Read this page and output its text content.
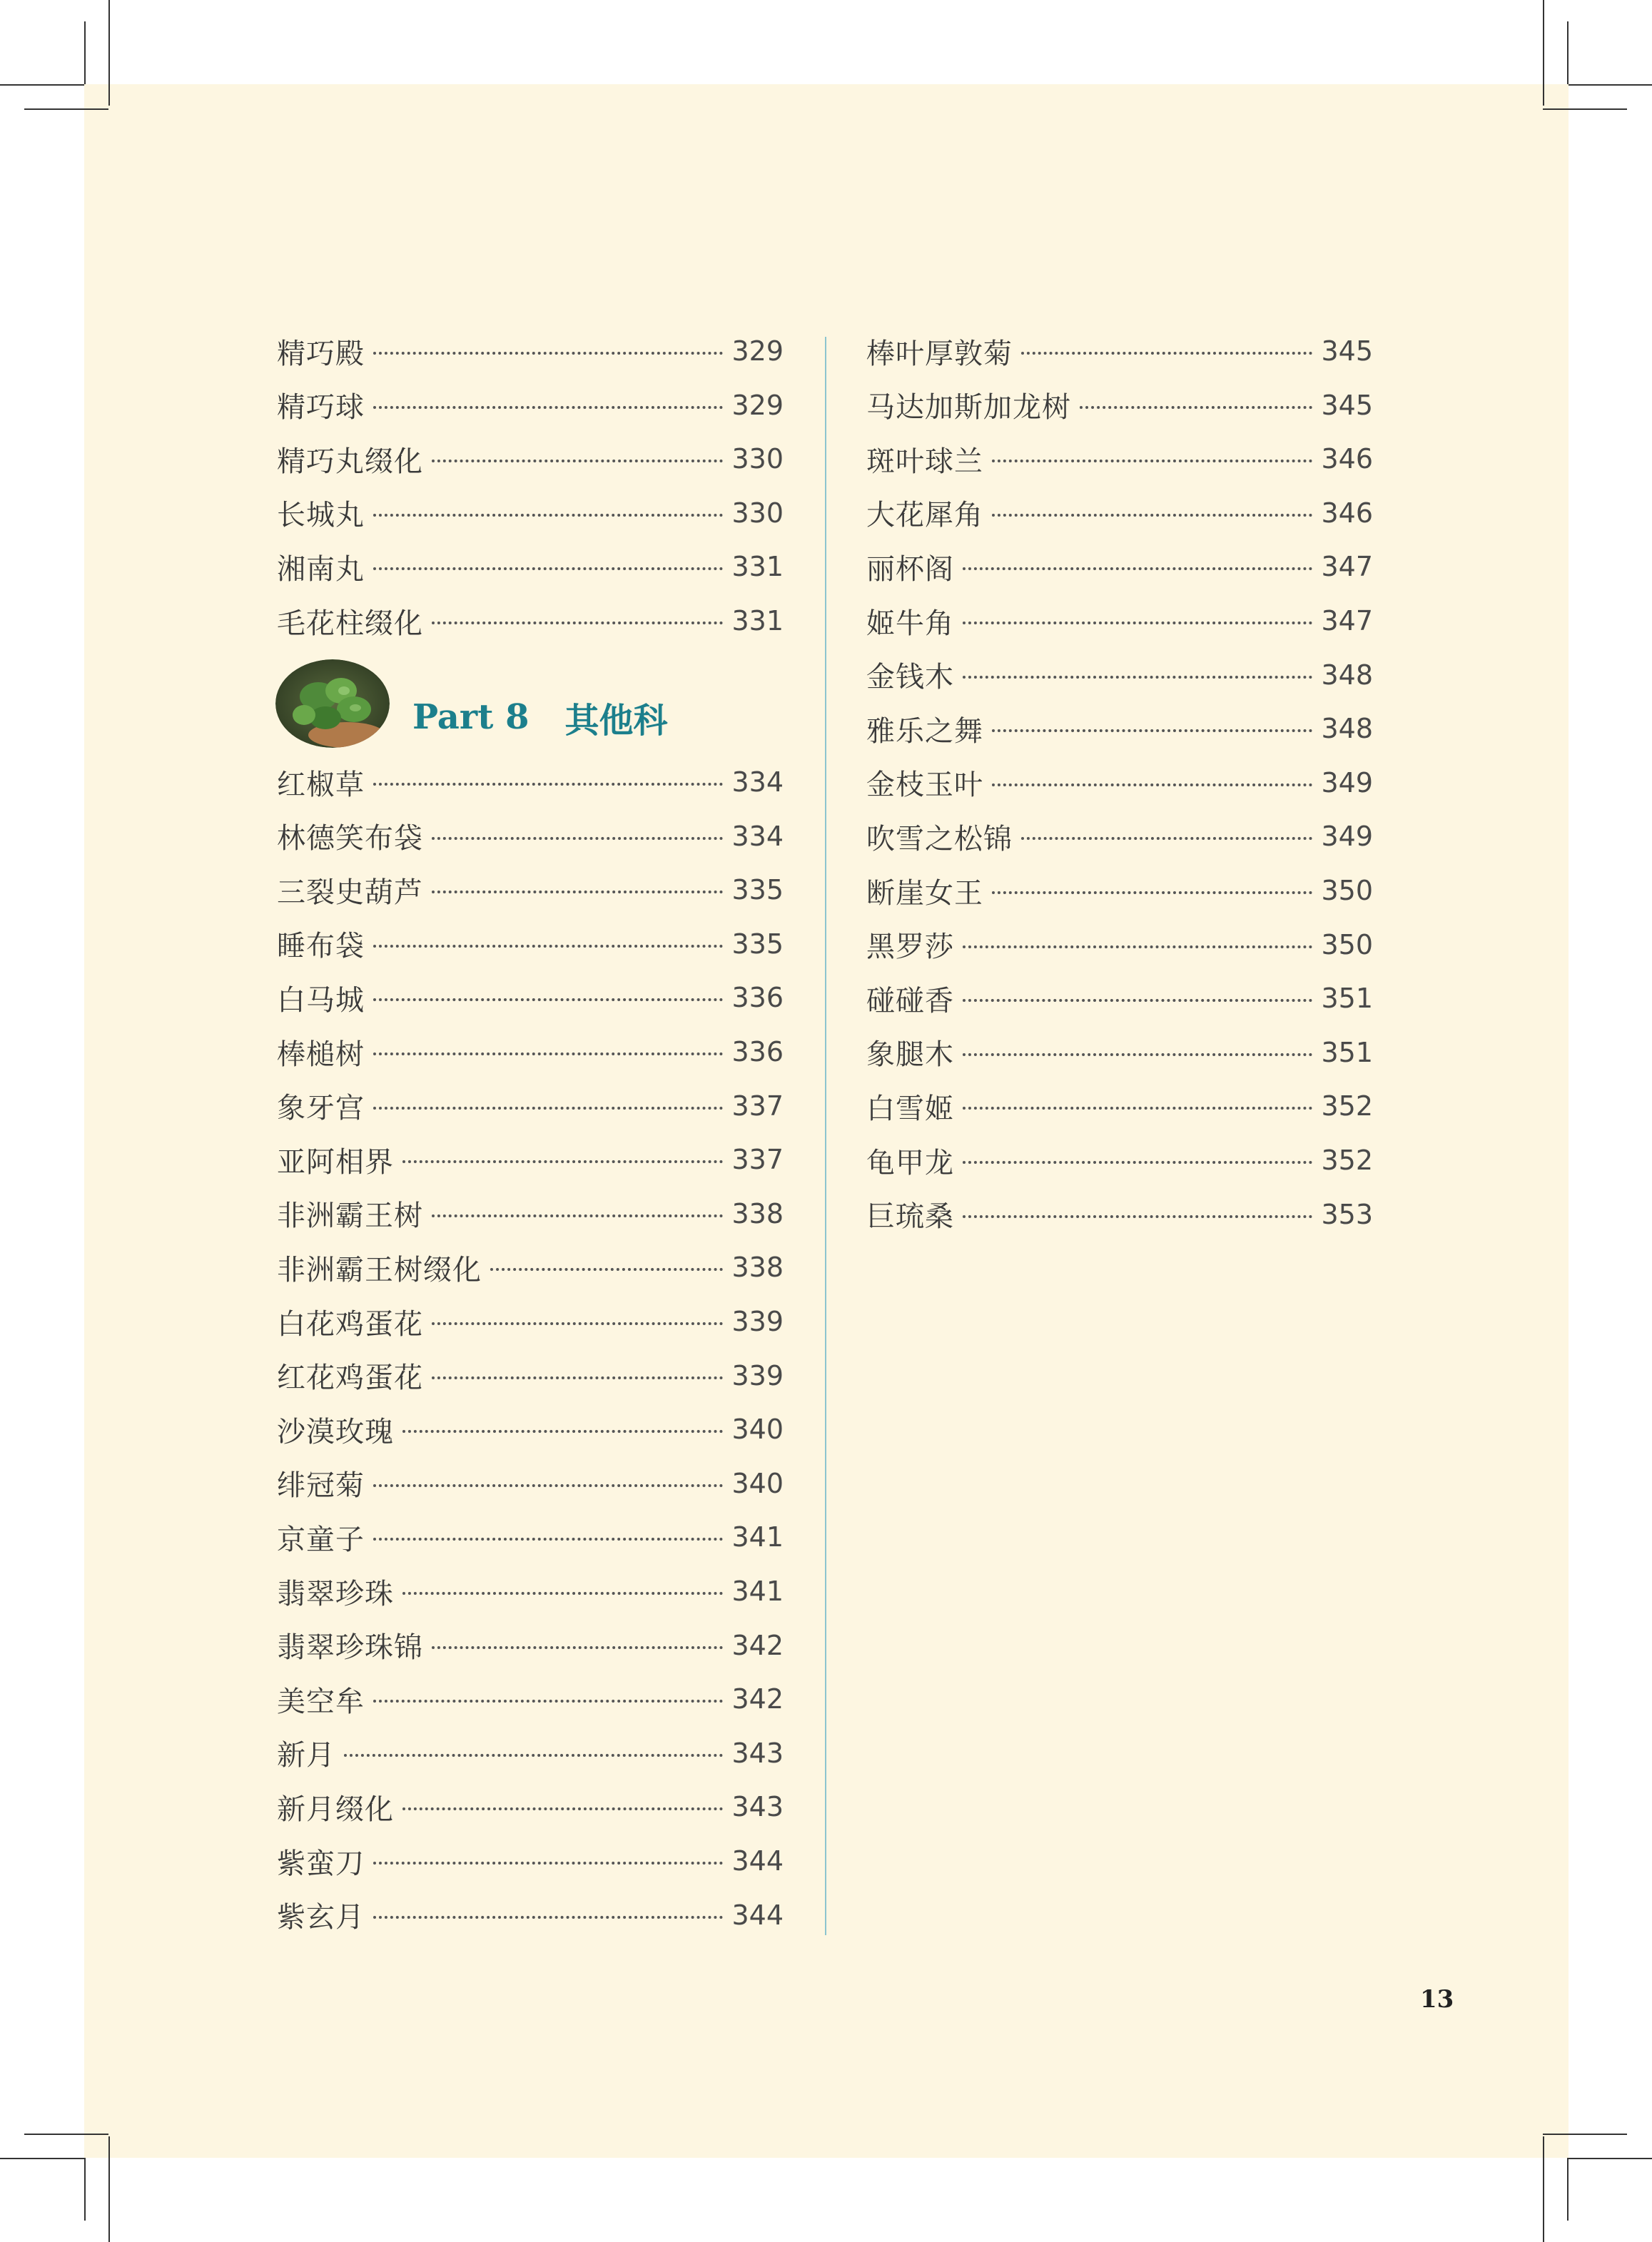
精巧殿	329
精巧球	329
精巧丸缀化	330
长城丸	330
湘南丸	331
毛花柱缀化	331
Part 8 其他科
红椒草	334
林德笑布袋	334
三裂史葫芦	335
睡布袋	335
白马城	336
棒槌树	336
象牙宫	337
亚阿相界	337
非洲霸王树	338
非洲霸王树缀化	338
白花鸡蛋花	339
红花鸡蛋花	339
沙漠玫瑰	340
绯冠菊	340
京童子	341
翡翠珍珠	341
翡翠珍珠锦	342
美空牟	342
新月	343
新月缀化	343
紫蛮刀	344
紫玄月	344
棒叶厚敦菊	345
马达加斯加龙树	345
斑叶球兰	346
大花犀角	346
丽杯阁	347
姬牛角	347
金钱木	348
雅乐之舞	348
金枝玉叶	349
吹雪之松锦	349
断崖女王	350
黑罗莎	350
碰碰香	351
象腿木	351
白雪姬	352
龟甲龙	352
巨琉桑	353
13
